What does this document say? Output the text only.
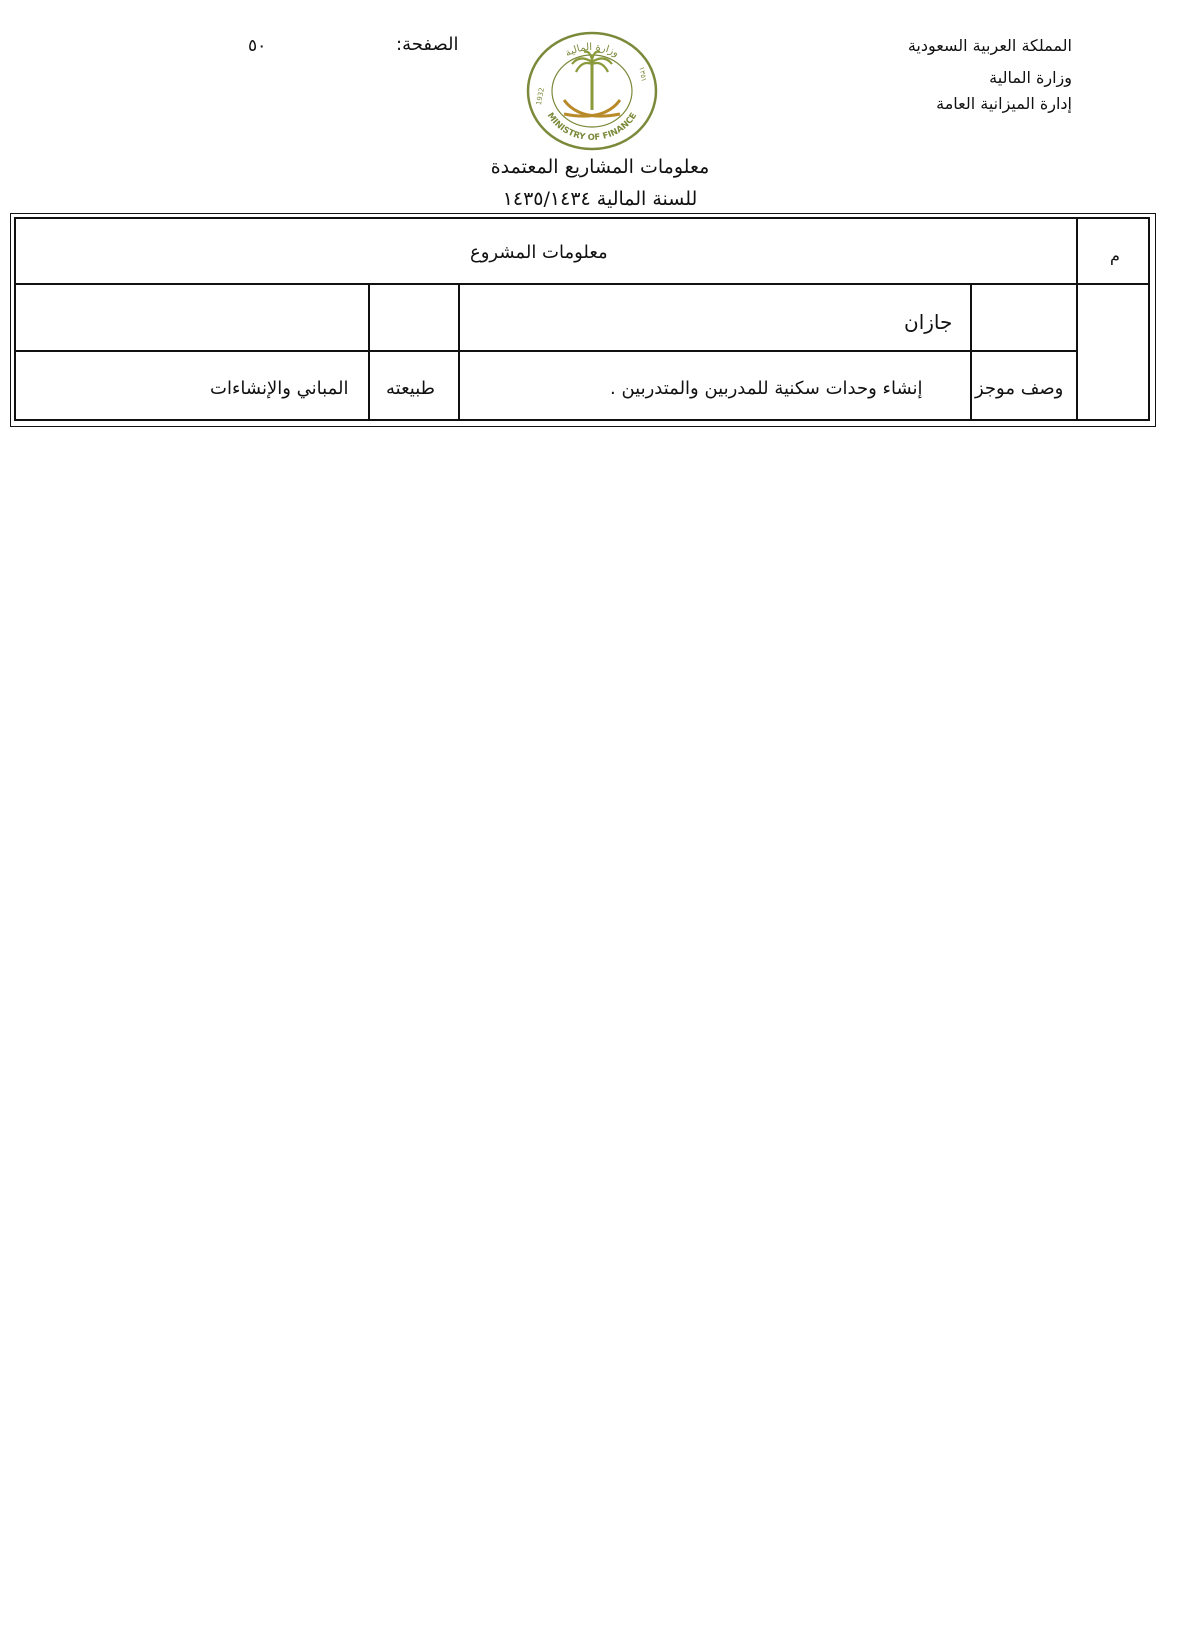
المملكة العربية السعودية
وزارة المالية
إدارة الميزانية العامة
الصفحة:
٥٠	وزارة المالية
MINISTRY OF FINANCE
1932
١٣٥١
معلومات المشاريع المعتمدة
للسنة المالية ١٤٣٥/١٤٣٤
م
معلومات المشروع
جازان
وصف موجز
إنشاء وحدات سكنية للمدربين والمتدربين .
طبيعته
المباني والإنشاءات
